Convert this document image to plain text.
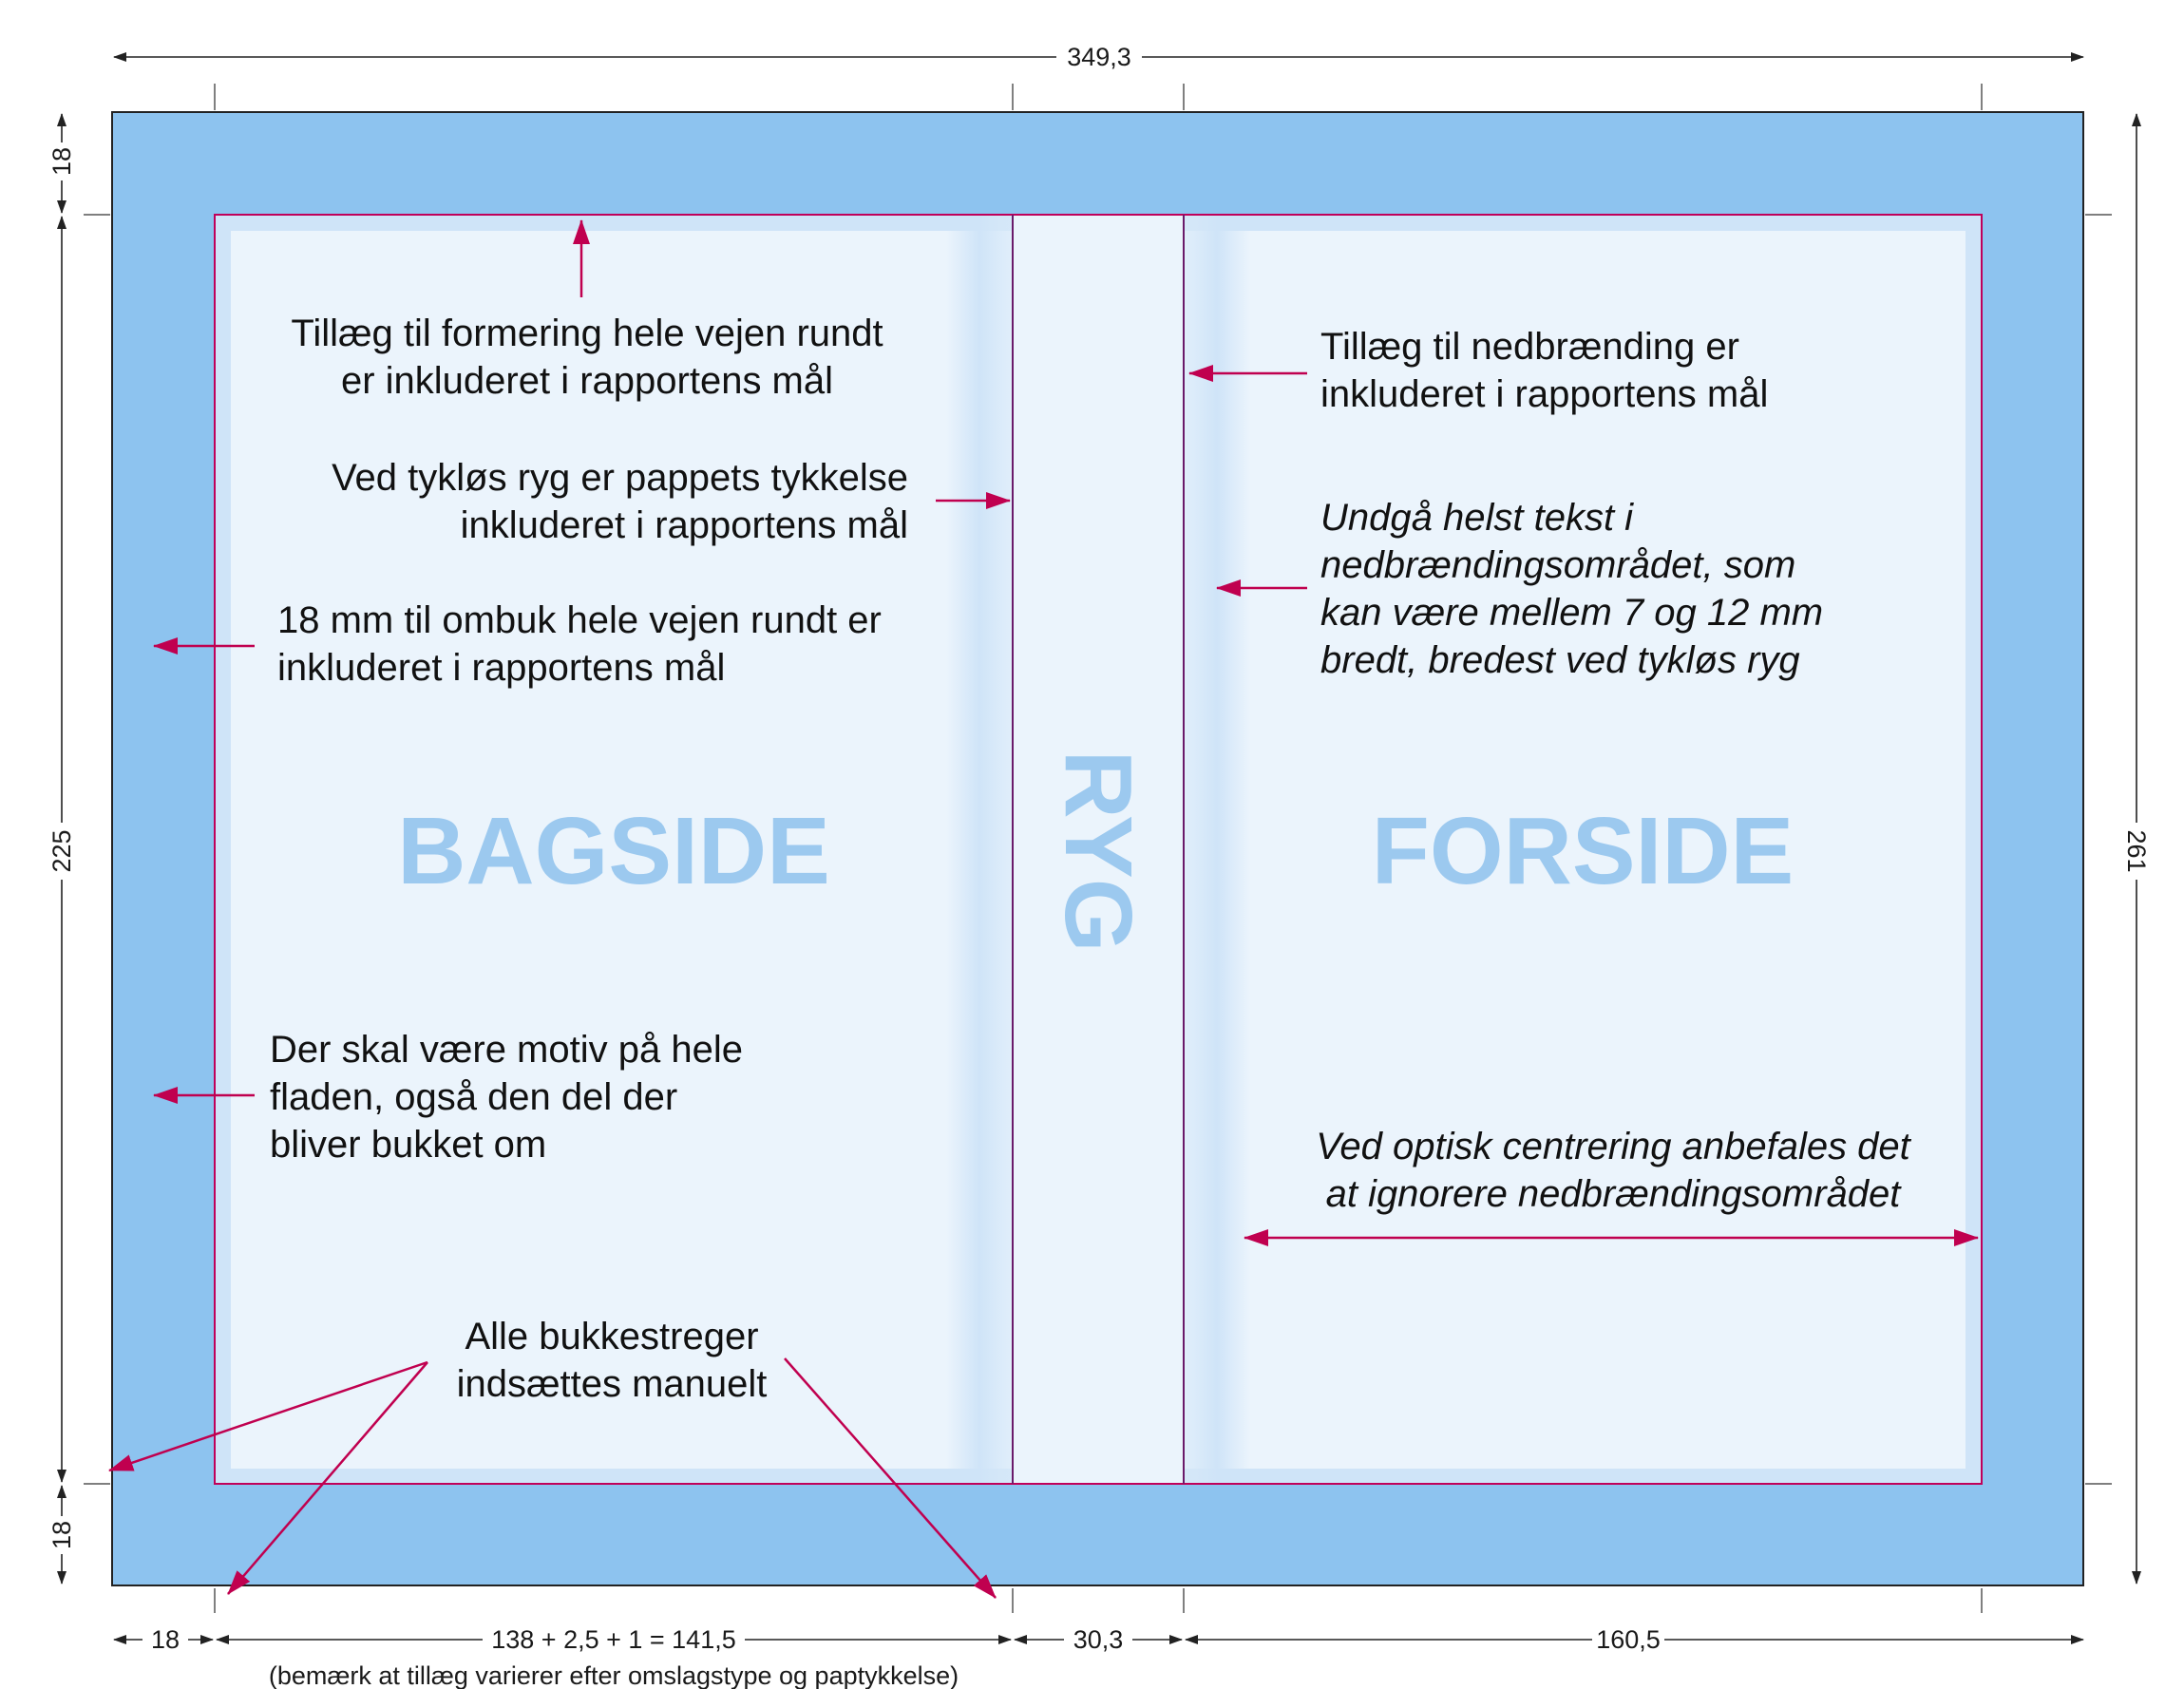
349,3
18	138 + 2,5 + 1 = 141,5
(bemærk at tillæg varierer efter omslagstype og paptykkelse)
30,3	160,5
18
225
18
261
BAGSIDE	FORSIDE
RYG
Tillæg til formering hele vejen rundt
er inkluderet i rapportens mål
Ved tykløs ryg er pappets tykkelse
inkluderet i rapportens mål
18 mm til ombuk hele vejen rundt er
inkluderet i rapportens mål
Der skal være motiv på hele
fladen, også den del der
bliver bukket om
Alle bukkestreger
indsættes manuelt
Tillæg til nedbrænding er
inkluderet i rapportens mål
Undgå helst tekst i
nedbrændingsområdet, som
kan være mellem 7 og 12 mm
bredt, bredest ved tykløs ryg
Ved optisk centrering anbefales det
at ignorere nedbrændingsområdet
